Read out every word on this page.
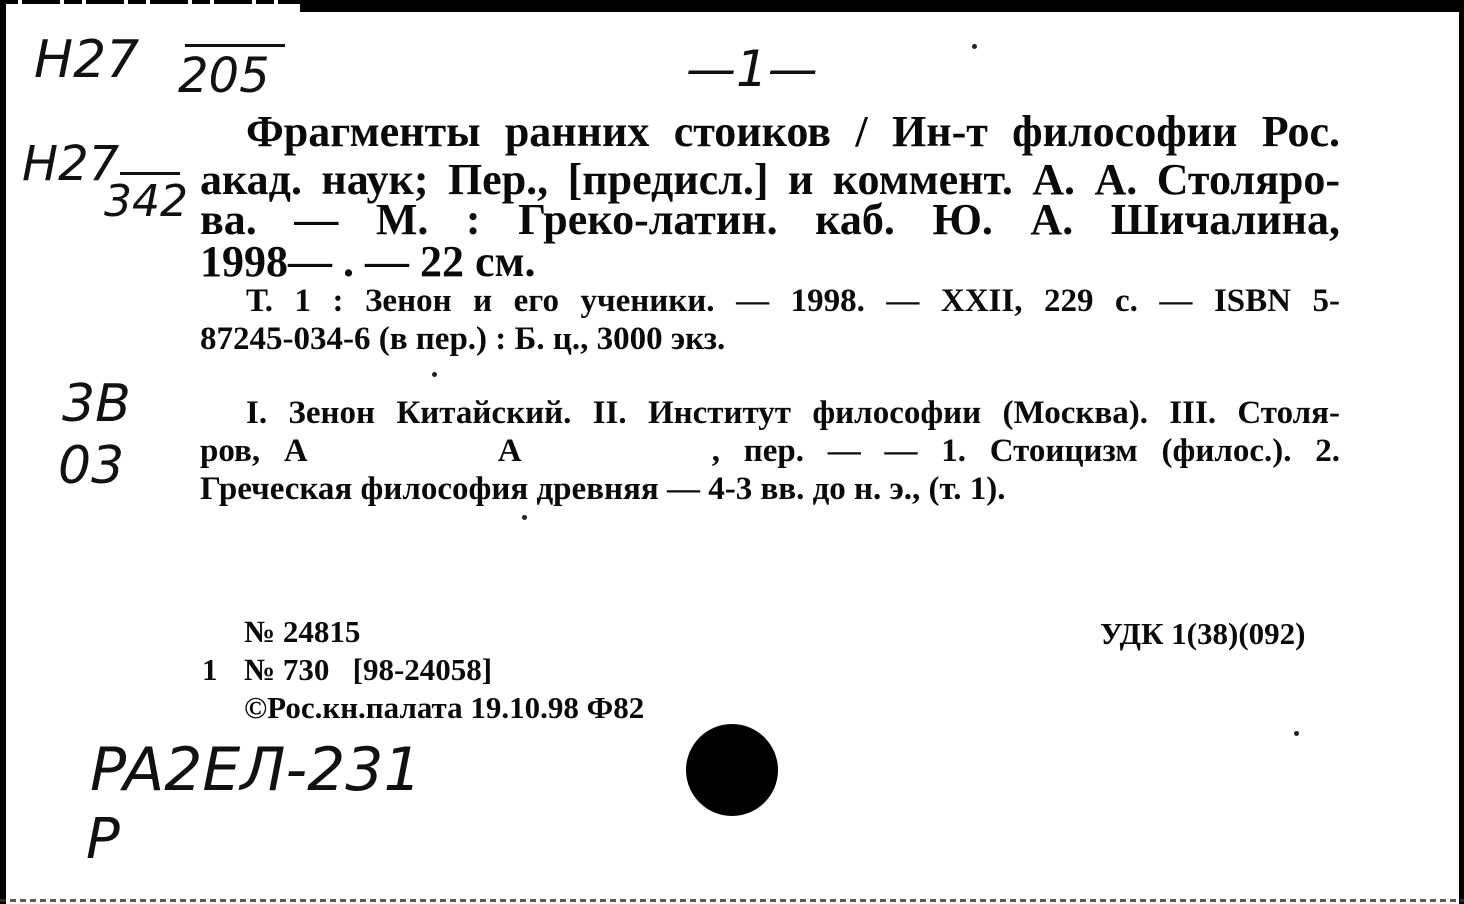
Н27 205	—1—
Н27
342
3В
03
PA2EЛ-231
P
Фрагменты ранних стоиков / Ин-т философии Рос.
акад. наук; Пер., [предисл.] и коммент. А. А. Столяро-
ва. — М. : Греко-латин. каб. Ю. А. Шичалина,
1998— . — 22 см.
Т. 1 : Зенон и его ученики. — 1998. — XXII, 229 с. — ISBN 5-
87245-034-6 (в пер.) : Б. ц., 3000 экз.
I. Зенон Китайский. II. Институт философии (Москва). III. Столя-
ров, А        А        , пер. — — 1. Стоицизм (филос.). 2.
Греческая философия древняя — 4-3 вв. до н. э., (т. 1).
№ 24815
1 № 730   [98-24058]
©Рос.кн.палата 19.10.98 Ф82
УДК 1(38)(092)
